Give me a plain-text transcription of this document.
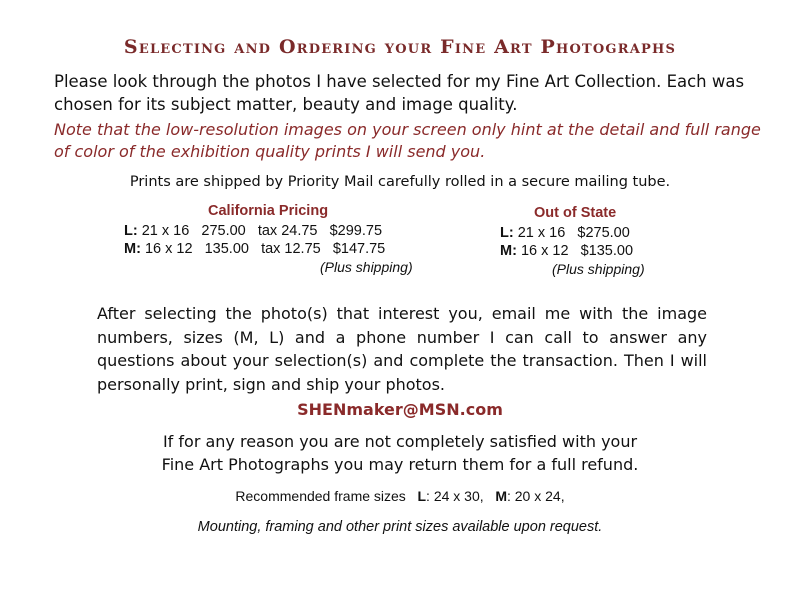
Selecting and Ordering your Fine Art Photographs
Please look through the photos I have selected for my Fine Art Collection. Each was chosen for its subject matter, beauty and image quality.
Note that the low-resolution images on your screen only hint at the detail and full range of color of the exhibition quality prints I will send you.
Prints are shipped by Priority Mail carefully rolled in a secure mailing tube.
California Pricing
L: 21 x 16 275.00 tax 24.75 $299.75
M: 16 x 12 135.00 tax 12.75 $147.75
(Plus shipping)
Out of State
L: 21 x 16 $275.00
M: 16 x 12 $135.00
(Plus shipping)
After selecting the photo(s) that interest you, email me with the image numbers, sizes (M, L) and a phone number I can call to answer any questions about your selection(s) and complete the transaction. Then I will personally print, sign and ship your photos.
SHENmaker@MSN.com
If for any reason you are not completely satisfied with your
Fine Art Photographs you may return them for a full refund.
Recommended frame sizes L: 24 x 30, M: 20 x 24,
Mounting, framing and other print sizes available upon request.
